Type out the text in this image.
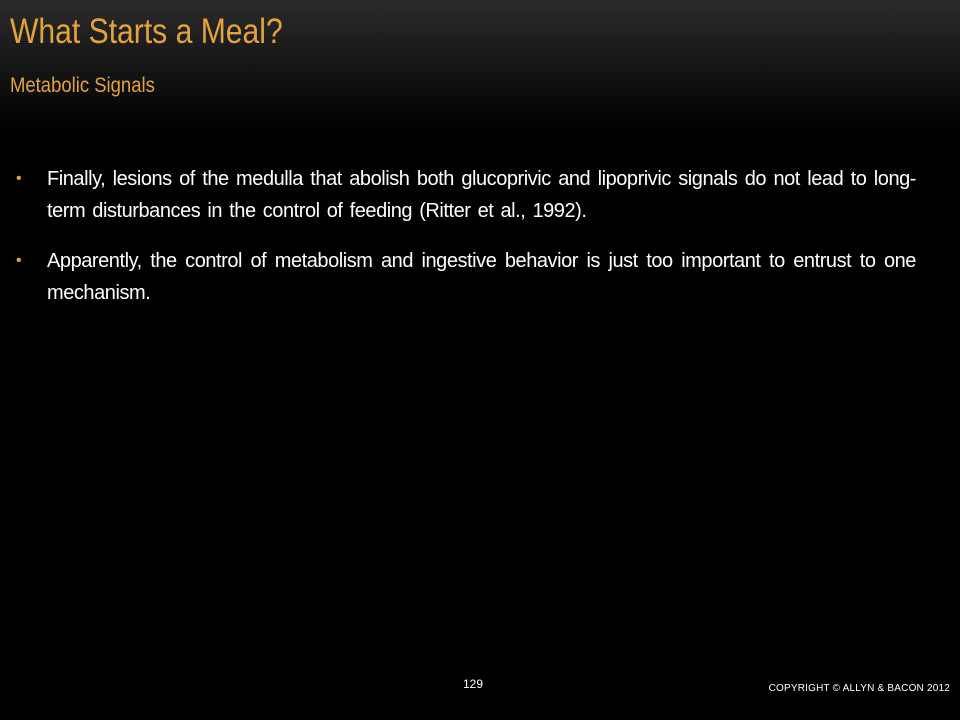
What Starts a Meal?
Metabolic Signals
• Finally, lesions of the medulla that abolish both glucoprivic and lipoprivic signals do not lead to long-term disturbances in the control of feeding (Ritter et al., 1992).
• Apparently, the control of metabolism and ingestive behavior is just too important to entrust to one mechanism.
129	COPYRIGHT © ALLYN & BACON 2012
